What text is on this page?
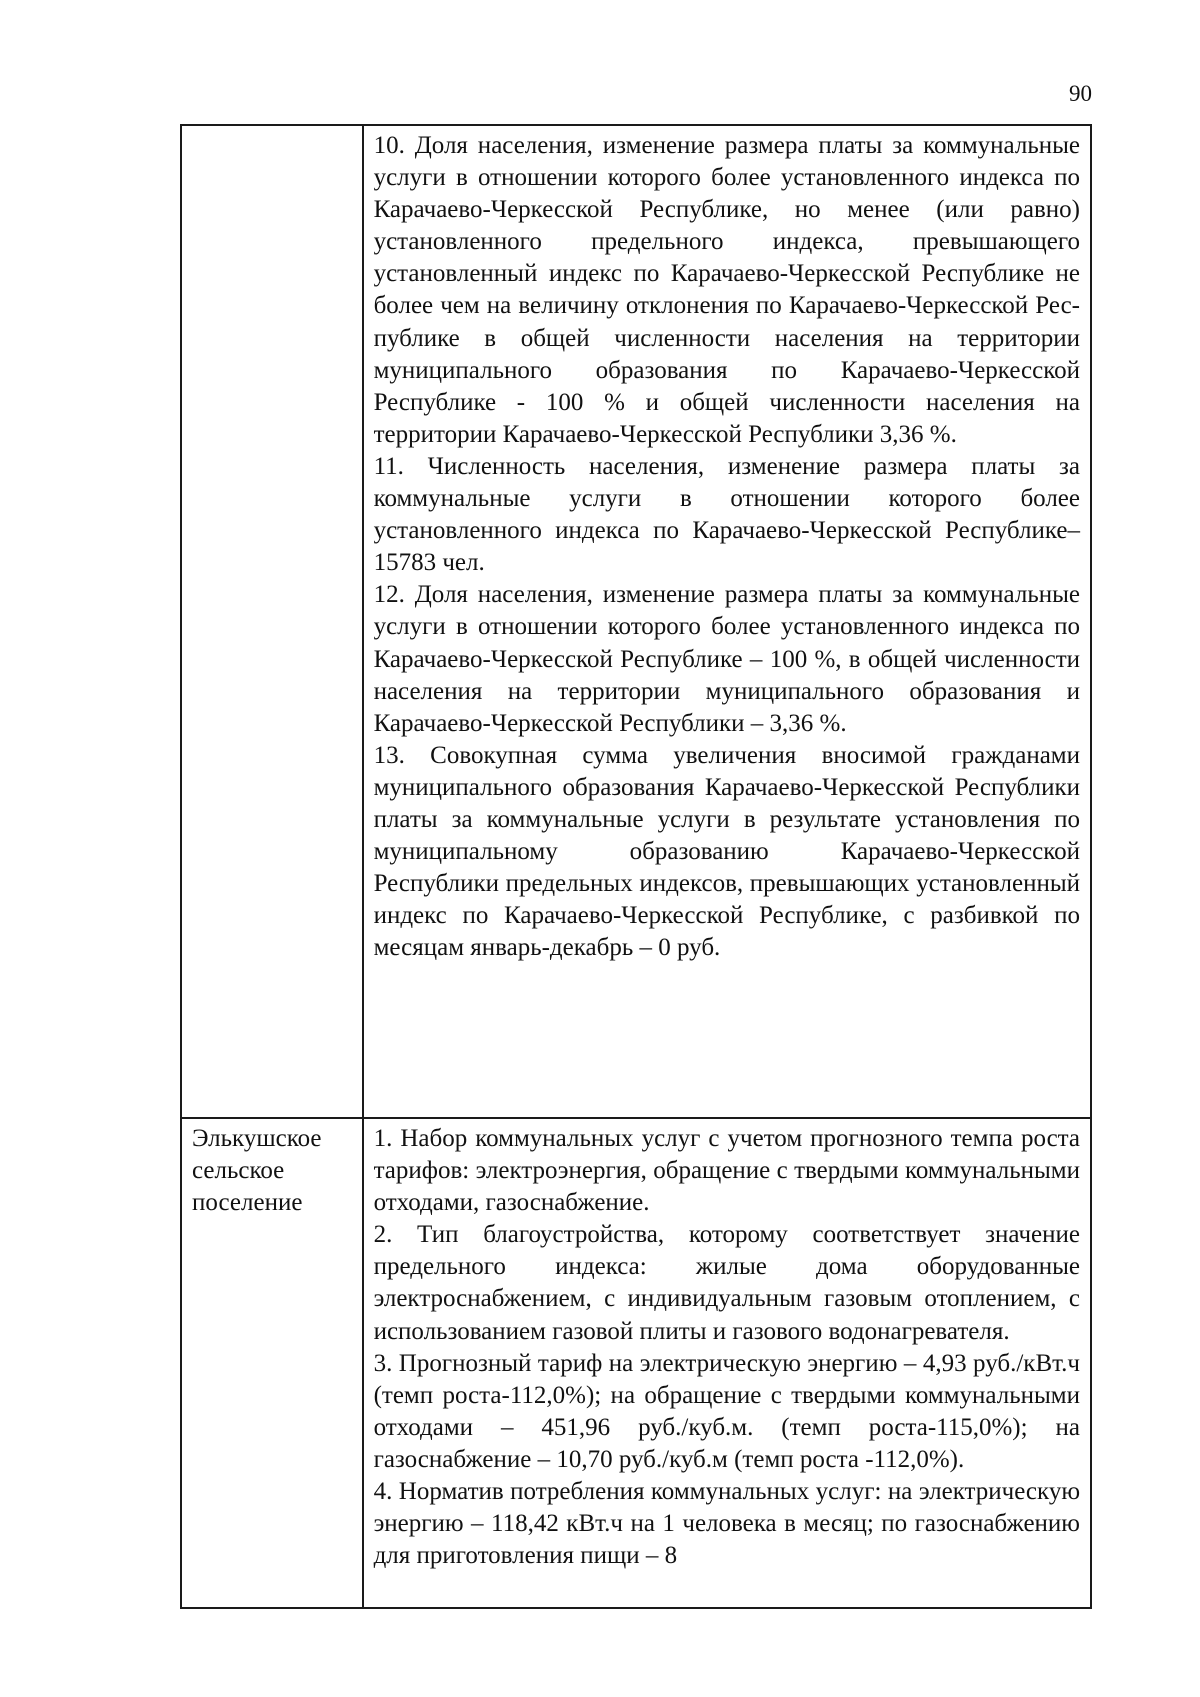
90

	10. Доля населения, изменение размера платы за коммунальные услуги в отношении которого более установленного индекса по Карачаево-Черкесской Республике, но менее (или равно) установленного предельного индекса, превышающего установленный индекс по Карачаево-Черкесской Республике не более чем на величину отклонения по Карачаево-Черкесской Республике в общей численности населения на территории муниципального образования по Карачаево-Черкесской Республике - 100 % и общей численности населения на территории Карачаево-Черкесской Республики 3,36 %.

11. Численность населения, изменение размера платы за коммунальные услуги в отношении которого более установленного индекса по Карачаево-Черкесской Республике– 15783 чел.

12. Доля населения, изменение размера платы за коммунальные услуги в отношении которого более установленного индекса по Карачаево-Черкесской Республике – 100 %, в общей численности населения на территории муниципального образования и Карачаево-Черкесской Республики – 3,36 %.

13. Совокупная сумма увеличения вносимой гражданами муниципального образования Карачаево-Черкесской Республики платы за коммунальные услуги в результате установления по муниципальному образованию Карачаево-Черкесской Республики предельных индексов, превышающих установленный индекс по Карачаево-Черкесской Республике, с разбивкой по месяцам январь-декабрь – 0 руб.

Элькушское сельское поселение	1. Набор коммунальных услуг с учетом прогнозного темпа роста тарифов: электроэнергия, обращение с твердыми коммунальными отходами, газоснабжение.

2. Тип благоустройства, которому соответствует значение предельного индекса: жилые дома оборудованные электроснабжением, с индивидуальным газовым отоплением, с использованием газовой плиты и газового водонагревателя.

3. Прогнозный тариф на электрическую энергию – 4,93 руб./кВт.ч (темп роста-112,0%); на обращение с твердыми коммунальными отходами – 451,96 руб./куб.м. (темп роста-115,0%); на газоснабжение – 10,70 руб./куб.м (темп роста -112,0%).

4. Норматив потребления коммунальных услуг: на электрическую энергию – 118,42 кВт.ч на 1 человека в месяц; по газоснабжению для приготовления пищи – 8
